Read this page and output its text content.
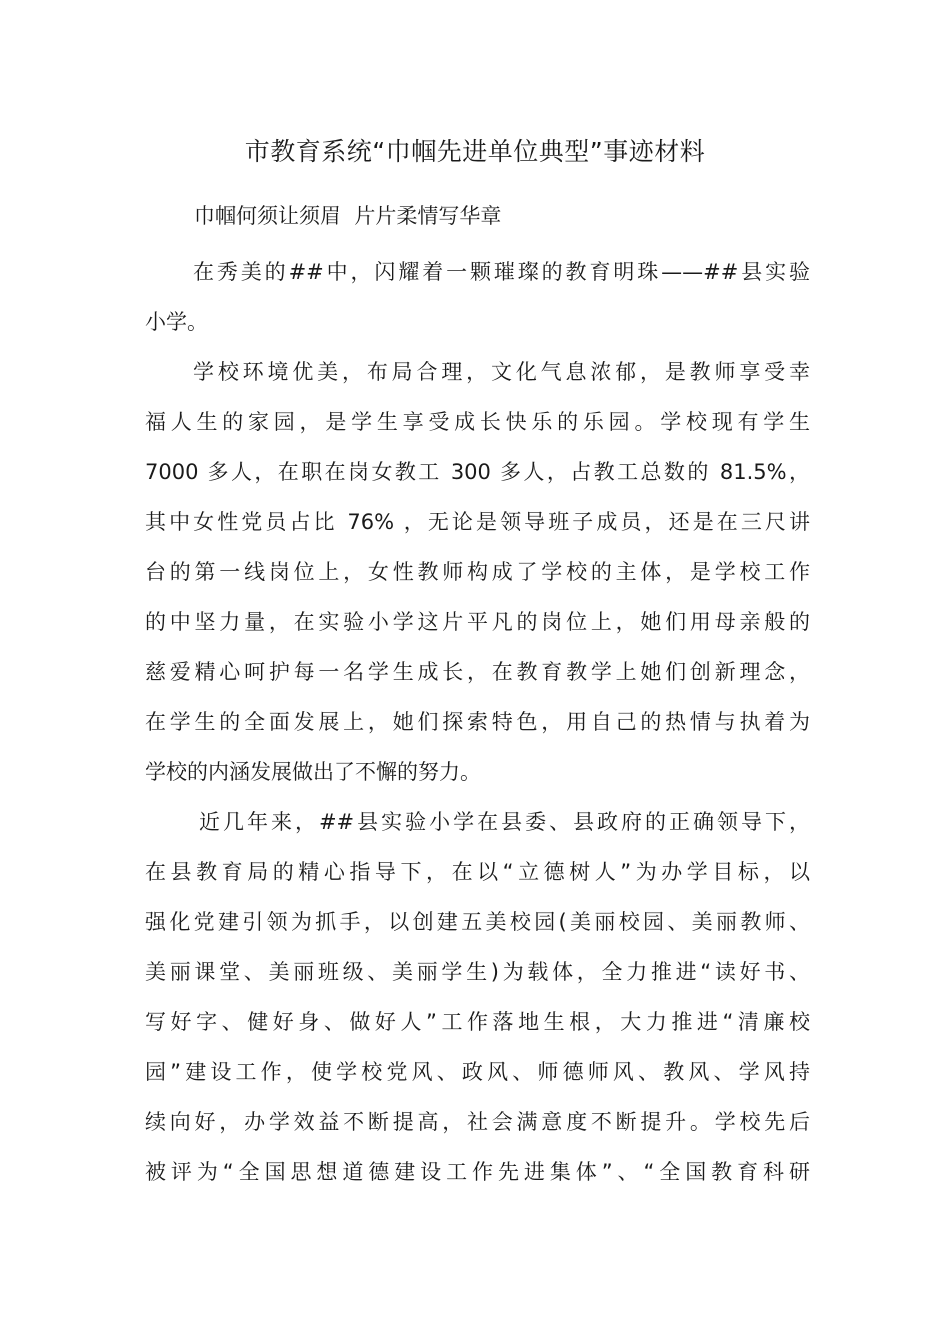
市教育系统“巾帼先进单位典型”事迹材料
巾帼何须让须眉  片片柔情写华章
在秀美的##中，闪耀着一颗璀璨的教育明珠——##县实验
小学。
学校环境优美，布局合理，文化气息浓郁，是教师享受幸
福人生的家园，是学生享受成长快乐的乐园。学校现有学生
7000 多人，在职在岗女教工 300 多人，占教工总数的 81.5%，
其中女性党员占比 76% ，无论是领导班子成员，还是在三尺讲
台的第一线岗位上，女性教师构成了学校的主体，是学校工作
的中坚力量，在实验小学这片平凡的岗位上，她们用母亲般的
慈爱精心呵护每一名学生成长，在教育教学上她们创新理念，
在学生的全面发展上，她们探索特色，用自己的热情与执着为
学校的内涵发展做出了不懈的努力。
近几年来，##县实验小学在县委、县政府的正确领导下，
在县教育局的精心指导下，在以“立德树人”为办学目标，以
强化党建引领为抓手，以创建五美校园(美丽校园、美丽教师、
美丽课堂、美丽班级、美丽学生)为载体，全力推进“读好书、
写好字、健好身、做好人”工作落地生根，大力推进“清廉校
园”建设工作，使学校党风、政风、师德师风、教风、学风持
续向好，办学效益不断提高，社会满意度不断提升。学校先后
被评为“全国思想道德建设工作先进集体”、“全国教育科研
